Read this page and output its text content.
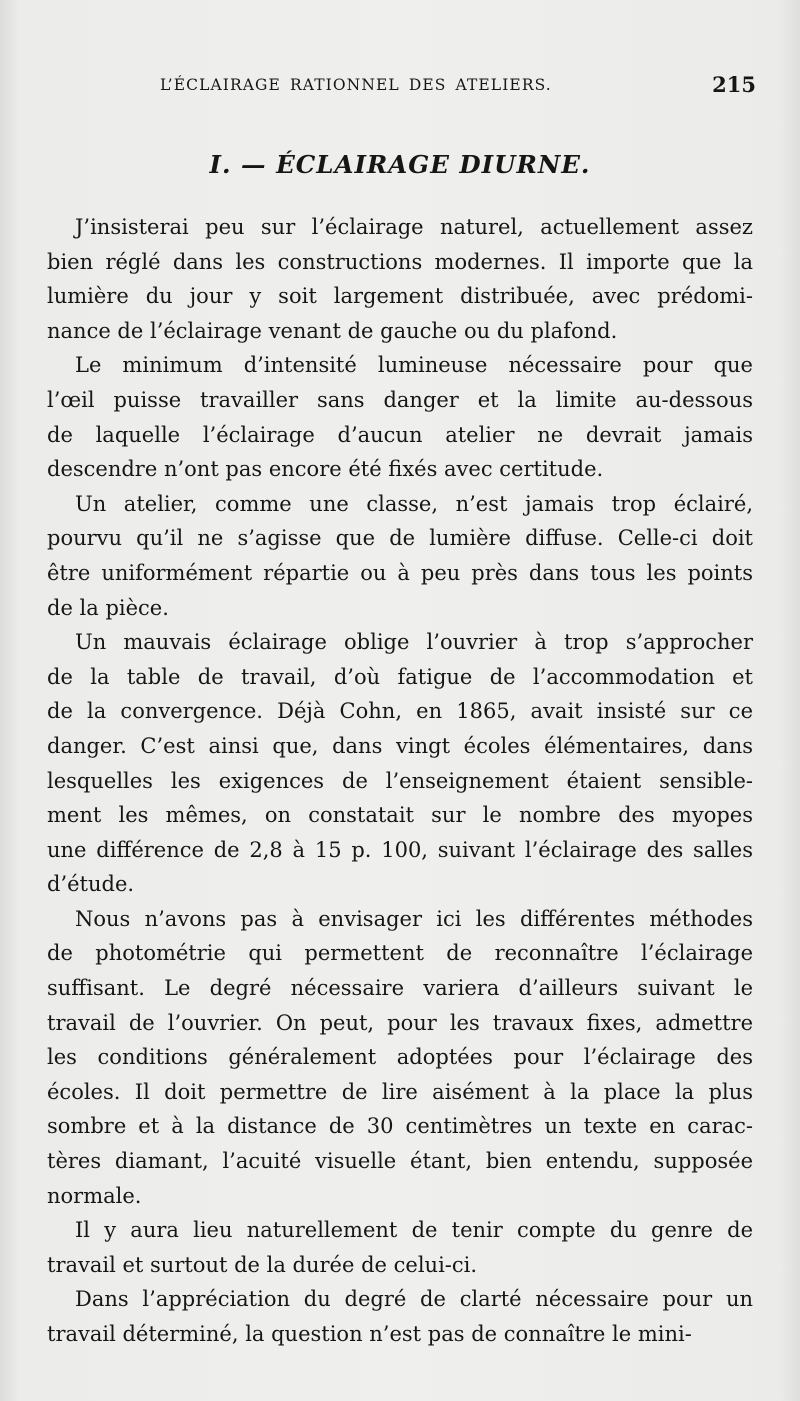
L’ÉCLAIRAGE RATIONNEL DES ATELIERS.	215
I. — ÉCLAIRAGE DIURNE.
J’insisterai peu sur l’éclairage naturel, actuellement assez
bien réglé dans les constructions modernes. Il importe que la
lumière du jour y soit largement distribuée, avec prédomi-
nance de l’éclairage venant de gauche ou du plafond.
Le minimum d’intensité lumineuse nécessaire pour que
l’œil puisse travailler sans danger et la limite au-dessous
de laquelle l’éclairage d’aucun atelier ne devrait jamais
descendre n’ont pas encore été fixés avec certitude.
Un atelier, comme une classe, n’est jamais trop éclairé,
pourvu qu’il ne s’agisse que de lumière diffuse. Celle-ci doit
être uniformément répartie ou à peu près dans tous les points
de la pièce.
Un mauvais éclairage oblige l’ouvrier à trop s’approcher
de la table de travail, d’où fatigue de l’accommodation et
de la convergence. Déjà Cohn, en 1865, avait insisté sur ce
danger. C’est ainsi que, dans vingt écoles élémentaires, dans
lesquelles les exigences de l’enseignement étaient sensible-
ment les mêmes, on constatait sur le nombre des myopes
une différence de 2,8 à 15 p. 100, suivant l’éclairage des salles
d’étude.
Nous n’avons pas à envisager ici les différentes méthodes
de photométrie qui permettent de reconnaître l’éclairage
suffisant. Le degré nécessaire variera d’ailleurs suivant le
travail de l’ouvrier. On peut, pour les travaux fixes, admettre
les conditions généralement adoptées pour l’éclairage des
écoles. Il doit permettre de lire aisément à la place la plus
sombre et à la distance de 30 centimètres un texte en carac-
tères diamant, l’acuité visuelle étant, bien entendu, supposée
normale.
Il y aura lieu naturellement de tenir compte du genre de
travail et surtout de la durée de celui-ci.
Dans l’appréciation du degré de clarté nécessaire pour un
travail déterminé, la question n’est pas de connaître le mini-
